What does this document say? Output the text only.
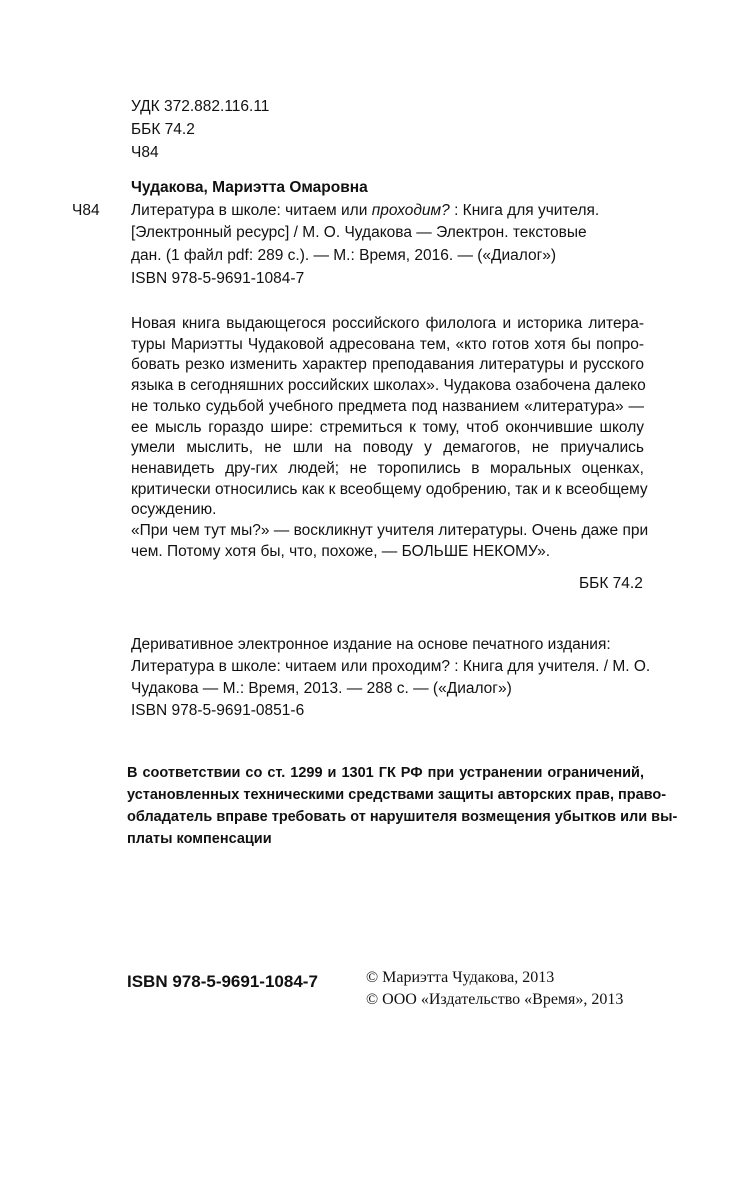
УДК 372.882.116.11
ББК 74.2
Ч84
Чудакова, Мариэтта Омаровна
Ч84 Литература в школе: читаем или проходим? : Книга для учителя.
[Электронный ресурс] / М. О. Чудакова — Электрон. текстовые
дан. (1 файл pdf: 289 с.). — М.: Время, 2016. — («Диалог»)
ISBN 978-5-9691-1084-7
Новая книга выдающегося российского филолога и историка литера-
туры Мариэтты Чудаковой адресована тем, «кто готов хотя бы попро-
бовать резко изменить характер преподавания литературы и русского
языка в сегодняшних российских школах». Чудакова озабочена далеко
не только судьбой учебного предмета под названием «литература» —
ее мысль гораздо шире: стремиться к тому, чтоб окончившие школу
умели мыслить, не шли на поводу у демагогов, не приучались
ненавидеть дру-гих людей; не торопились в моральных оценках,
критически относились как к всеобщему одобрению, так и к всеобщему
осуждению.
«При чем тут мы?» — воскликнут учителя литературы. Очень даже при
чем. Потому хотя бы, что, похоже, — БОЛЬШЕ НЕКОМУ».
ББК 74.2
Деривативное электронное издание на основе печатного издания:
Литература в школе: читаем или проходим? : Книга для учителя. / М. О.
Чудакова — М.: Время, 2013. — 288 с. — («Диалог»)
ISBN 978-5-9691-0851-6
В соответствии со ст. 1299 и 1301 ГК РФ при устранении ограничений,
установленных техническими средствами защиты авторских прав, право-
обладатель вправе требовать от нарушителя возмещения убытков или вы-
платы компенсации
ISBN 978-5-9691-1084-7	© Мариэтта Чудакова, 2013
© ООО «Издательство «Время», 2013
